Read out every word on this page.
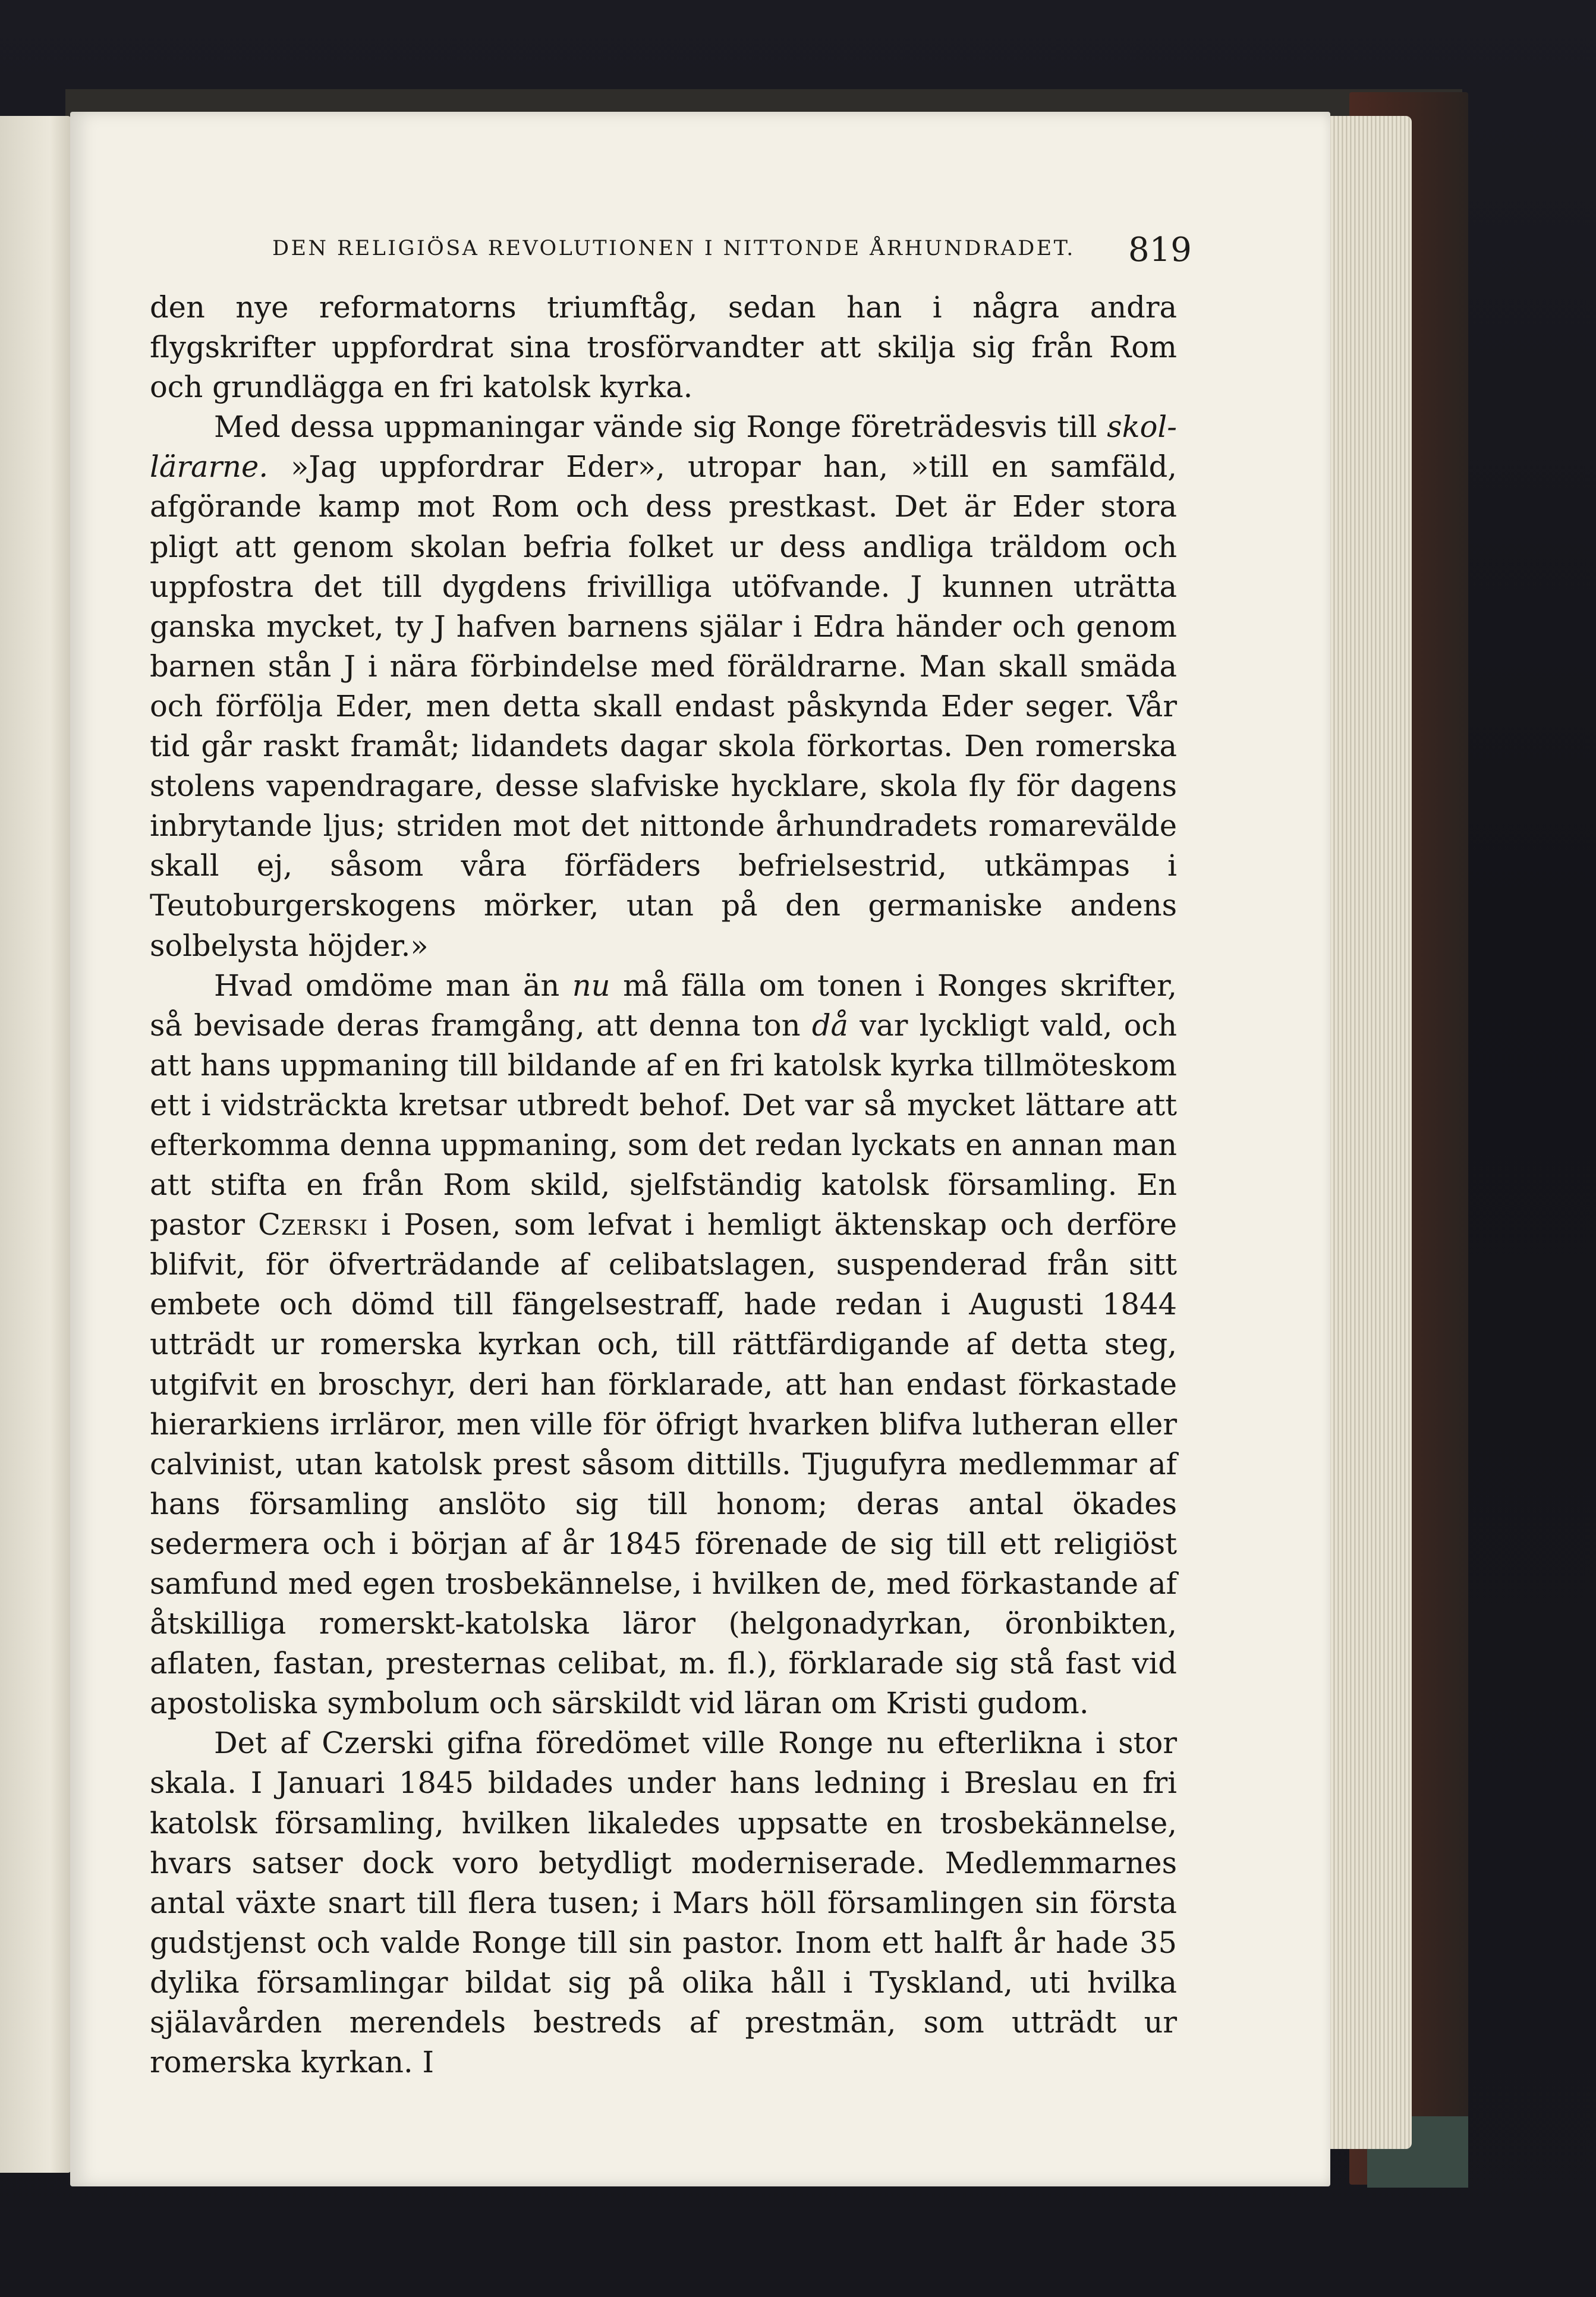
DEN RELIGIÖSA REVOLUTIONEN I NITTONDE ÅRHUNDRADET.	819

den nye reformatorns triumftåg, sedan han i några andra flygskrifter uppfordrat sina trosförvandter att skilja sig från Rom och grundlägga en fri katolsk kyrka.

Med dessa uppmaningar vände sig Ronge företrädesvis till skol-lärarne. »Jag uppfordrar Eder», utropar han, »till en samfäld, afgörande kamp mot Rom och dess prestkast. Det är Eder stora pligt att genom skolan befria folket ur dess andliga träldom och uppfostra det till dygdens frivilliga utöfvande. J kunnen uträtta ganska mycket, ty J hafven barnens själar i Edra händer och genom barnen stån J i nära förbindelse med föräldrarne. Man skall smäda och förfölja Eder, men detta skall endast påskynda Eder seger. Vår tid går raskt framåt; lidandets dagar skola förkortas. Den romerska stolens vapendragare, desse slafviske hycklare, skola fly för dagens inbrytande ljus; striden mot det nittonde århundradets romarevälde skall ej, såsom våra förfäders befrielsestrid, utkämpas i Teutoburgerskogens mörker, utan på den germaniske andens solbelysta höjder.»

Hvad omdöme man än nu må fälla om tonen i Ronges skrifter, så bevisade deras framgång, att denna ton då var lyckligt vald, och att hans uppmaning till bildande af en fri katolsk kyrka tillmöteskom ett i vidsträckta kretsar utbredt behof. Det var så mycket lättare att efterkomma denna uppmaning, som det redan lyckats en annan man att stifta en från Rom skild, sjelfständig katolsk församling. En pastor Czerski i Posen, som lefvat i hemligt äktenskap och derföre blifvit, för öfverträdande af celibatslagen, suspenderad från sitt embete och dömd till fängelsestraff, hade redan i Augusti 1844 utträdt ur romerska kyrkan och, till rättfärdigande af detta steg, utgifvit en broschyr, deri han förklarade, att han endast förkastade hierarkiens irrläror, men ville för öfrigt hvarken blifva lutheran eller calvinist, utan katolsk prest såsom dittills. Tjugufyra medlemmar af hans församling anslöto sig till honom; deras antal ökades sedermera och i början af år 1845 förenade de sig till ett religiöst samfund med egen trosbekännelse, i hvilken de, med förkastande af åtskilliga romerskt-katolska läror (helgonadyrkan, öronbikten, aflaten, fastan, presternas celibat, m. fl.), förklarade sig stå fast vid apostoliska symbolum och särskildt vid läran om Kristi gudom.

Det af Czerski gifna föredömet ville Ronge nu efterlikna i stor skala. I Januari 1845 bildades under hans ledning i Breslau en fri katolsk församling, hvilken likaledes uppsatte en trosbekännelse, hvars satser dock voro betydligt moderniserade. Medlemmarnes antal växte snart till flera tusen; i Mars höll församlingen sin första gudstjenst och valde Ronge till sin pastor. Inom ett halft år hade 35 dylika församlingar bildat sig på olika håll i Tyskland, uti hvilka själavården merendels bestreds af prestmän, som utträdt ur romerska kyrkan. I
